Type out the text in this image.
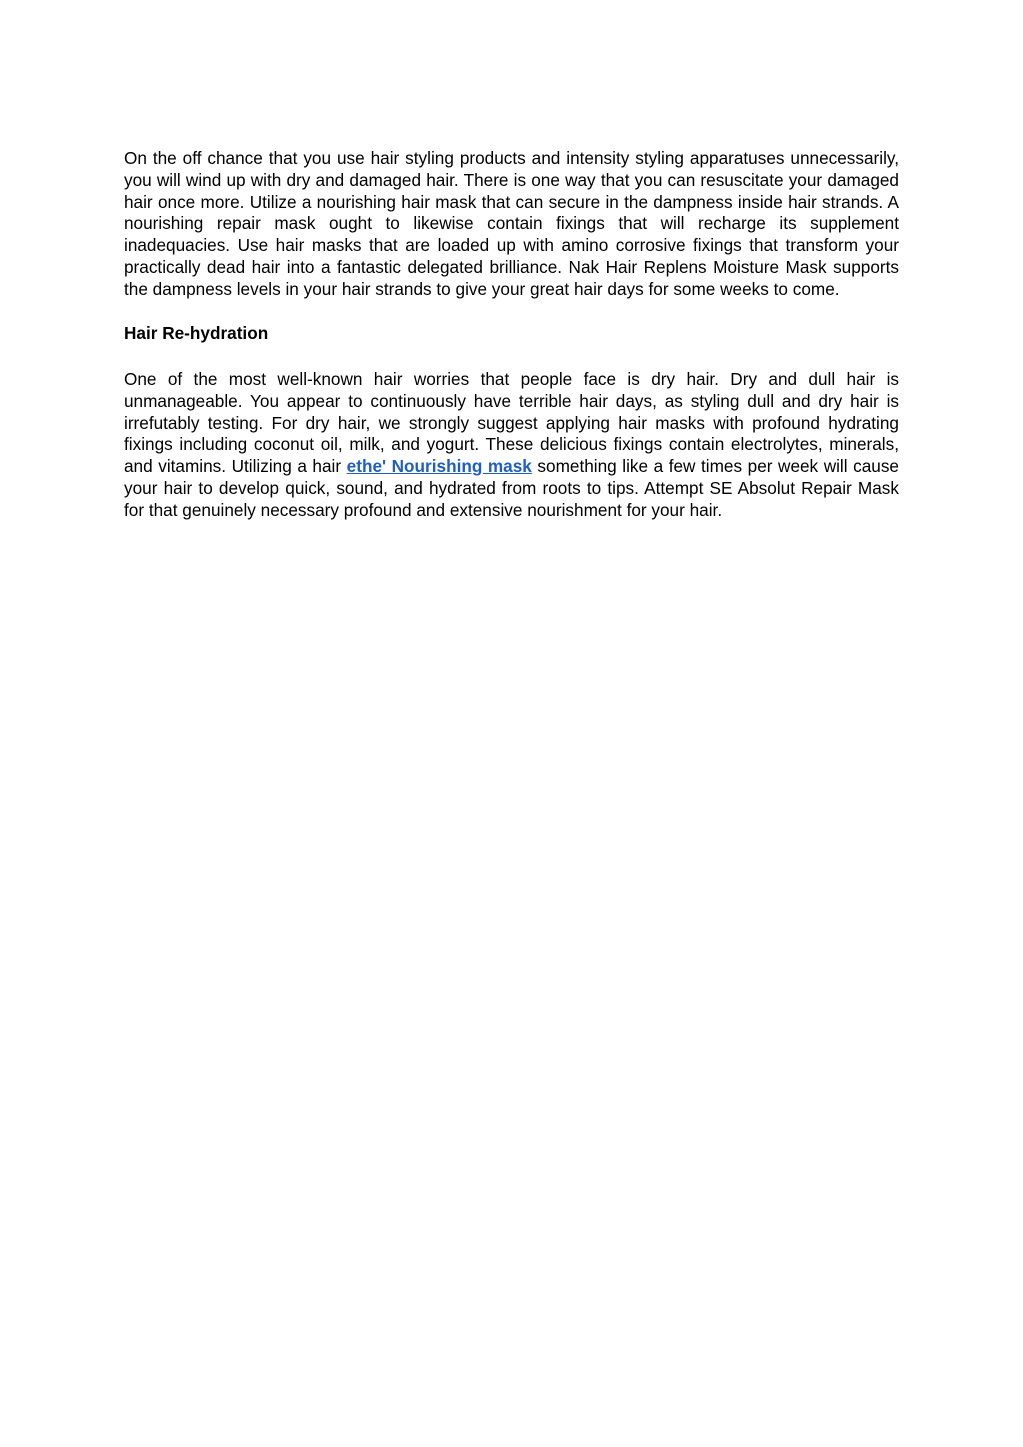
On the off chance that you use hair styling products and intensity styling apparatuses unnecessarily, you will wind up with dry and damaged hair. There is one way that you can resuscitate your damaged hair once more. Utilize a nourishing hair mask that can secure in the dampness inside hair strands. A nourishing repair mask ought to likewise contain fixings that will recharge its supplement inadequacies. Use hair masks that are loaded up with amino corrosive fixings that transform your practically dead hair into a fantastic delegated brilliance. Nak Hair Replens Moisture Mask supports the dampness levels in your hair strands to give your great hair days for some weeks to come.

Hair Re-hydration

One of the most well-known hair worries that people face is dry hair. Dry and dull hair is unmanageable. You appear to continuously have terrible hair days, as styling dull and dry hair is irrefutably testing. For dry hair, we strongly suggest applying hair masks with profound hydrating fixings including coconut oil, milk, and yogurt. These delicious fixings contain electrolytes, minerals, and vitamins. Utilizing a hair ethe' Nourishing mask something like a few times per week will cause your hair to develop quick, sound, and hydrated from roots to tips. Attempt SE Absolut Repair Mask for that genuinely necessary profound and extensive nourishment for your hair.
